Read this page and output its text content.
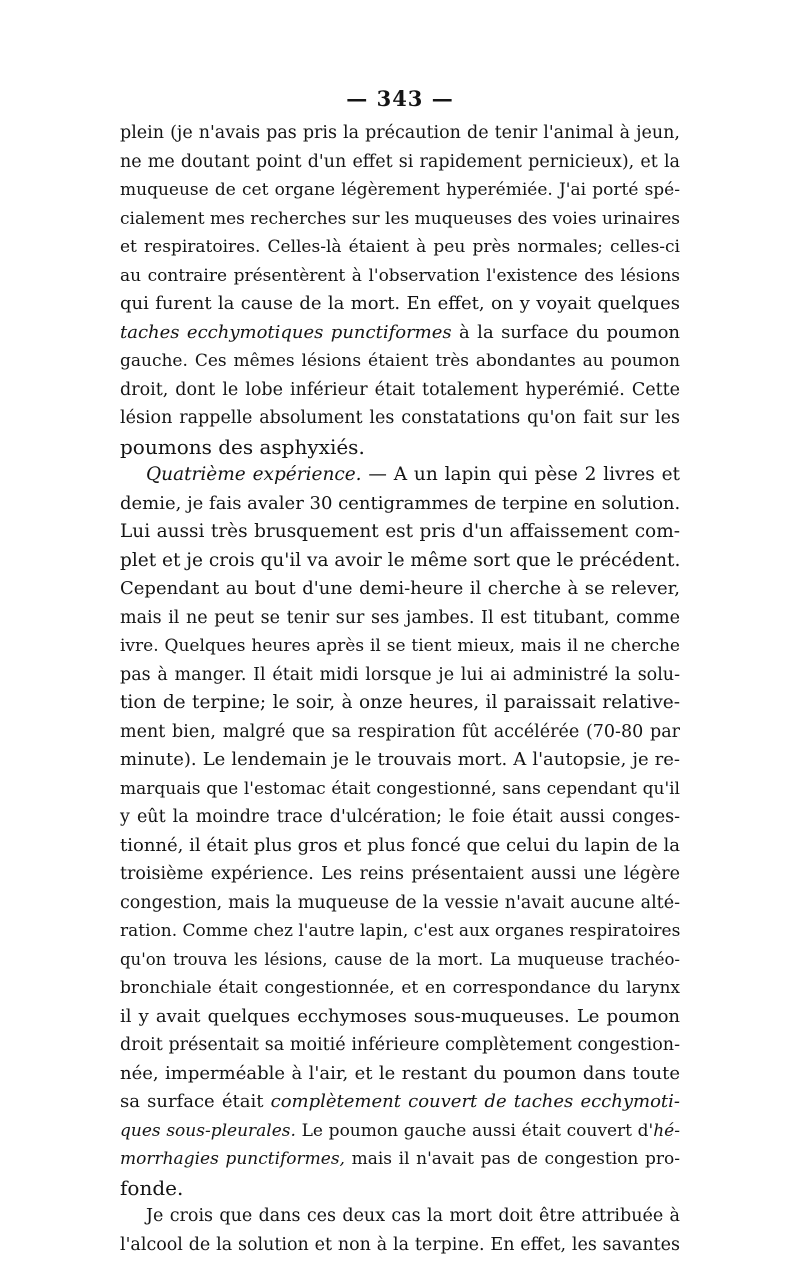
— 343 —
plein (je n'avais pas pris la précaution de tenir l'animal à jeun,
ne me doutant point d'un effet si rapidement pernicieux), et la
muqueuse de cet organe légèrement hyperémiée. J'ai porté spé-
cialement mes recherches sur les muqueuses des voies urinaires
et respiratoires. Celles-là étaient à peu près normales; celles-ci
au contraire présentèrent à l'observation l'existence des lésions
qui furent la cause de la mort. En effet, on y voyait quelques
taches ecchymotiques punctiformes à la surface du poumon
gauche. Ces mêmes lésions étaient très abondantes au poumon
droit, dont le lobe inférieur était totalement hyperémié. Cette
lésion rappelle absolument les constatations qu'on fait sur les
poumons des asphyxiés.
Quatrième expérience. — A un lapin qui pèse 2 livres et
demie, je fais avaler 30 centigrammes de terpine en solution.
Lui aussi très brusquement est pris d'un affaissement com-
plet et je crois qu'il va avoir le même sort que le précédent.
Cependant au bout d'une demi-heure il cherche à se relever,
mais il ne peut se tenir sur ses jambes. Il est titubant, comme
ivre. Quelques heures après il se tient mieux, mais il ne cherche
pas à manger. Il était midi lorsque je lui ai administré la solu-
tion de terpine; le soir, à onze heures, il paraissait relative-
ment bien, malgré que sa respiration fût accélérée (70-80 par
minute). Le lendemain je le trouvais mort. A l'autopsie, je re-
marquais que l'estomac était congestionné, sans cependant qu'il
y eût la moindre trace d'ulcération; le foie était aussi conges-
tionné, il était plus gros et plus foncé que celui du lapin de la
troisième expérience. Les reins présentaient aussi une légère
congestion, mais la muqueuse de la vessie n'avait aucune alté-
ration. Comme chez l'autre lapin, c'est aux organes respiratoires
qu'on trouva les lésions, cause de la mort. La muqueuse trachéo-
bronchiale était congestionnée, et en correspondance du larynx
il y avait quelques ecchymoses sous-muqueuses. Le poumon
droit présentait sa moitié inférieure complètement congestion-
née, imperméable à l'air, et le restant du poumon dans toute
sa surface était complètement couvert de taches ecchymoti-
ques sous-pleurales. Le poumon gauche aussi était couvert d'hé-
morrhagies punctiformes, mais il n'avait pas de congestion pro-
fonde.
Je crois que dans ces deux cas la mort doit être attribuée à
l'alcool de la solution et non à la terpine. En effet, les savantes
